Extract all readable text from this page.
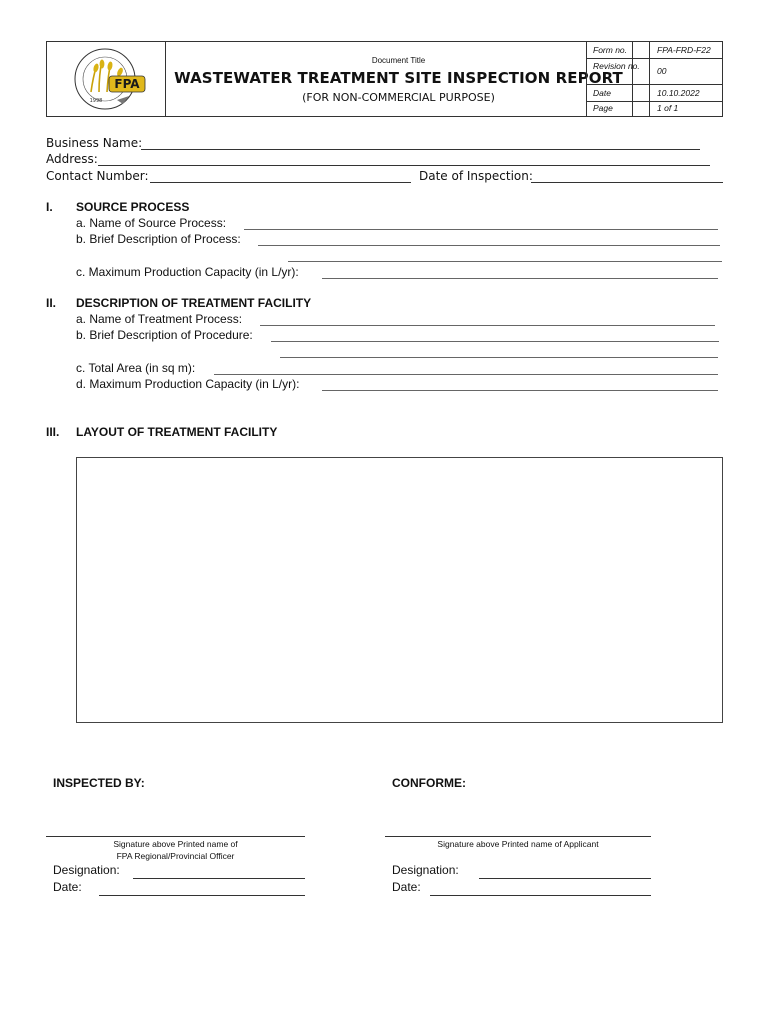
FPA
1998
Document Title
WASTEWATER TREATMENT SITE INSPECTION REPORT
(FOR NON-COMMERCIAL PURPOSE)
Form no.	FPA-FRD-F22
Revision no.	00
Date	10.10.2022
Page	1 of 1
Business Name:
Address:
Contact Number:	Date of Inspection:
I. SOURCE PROCESS
a. Name of Source Process:
b. Brief Description of Process:
c. Maximum Production Capacity (in L/yr):
II. DESCRIPTION OF TREATMENT FACILITY
a. Name of Treatment Process:
b. Brief Description of Procedure:
c. Total Area (in sq m):
d. Maximum Production Capacity (in L/yr):
III. LAYOUT OF TREATMENT FACILITY
INSPECTED BY:	CONFORME:
Signature above Printed name of
FPA Regional/Provincial Officer
Signature above Printed name of Applicant
Designation:
Date:
Designation:
Date:
